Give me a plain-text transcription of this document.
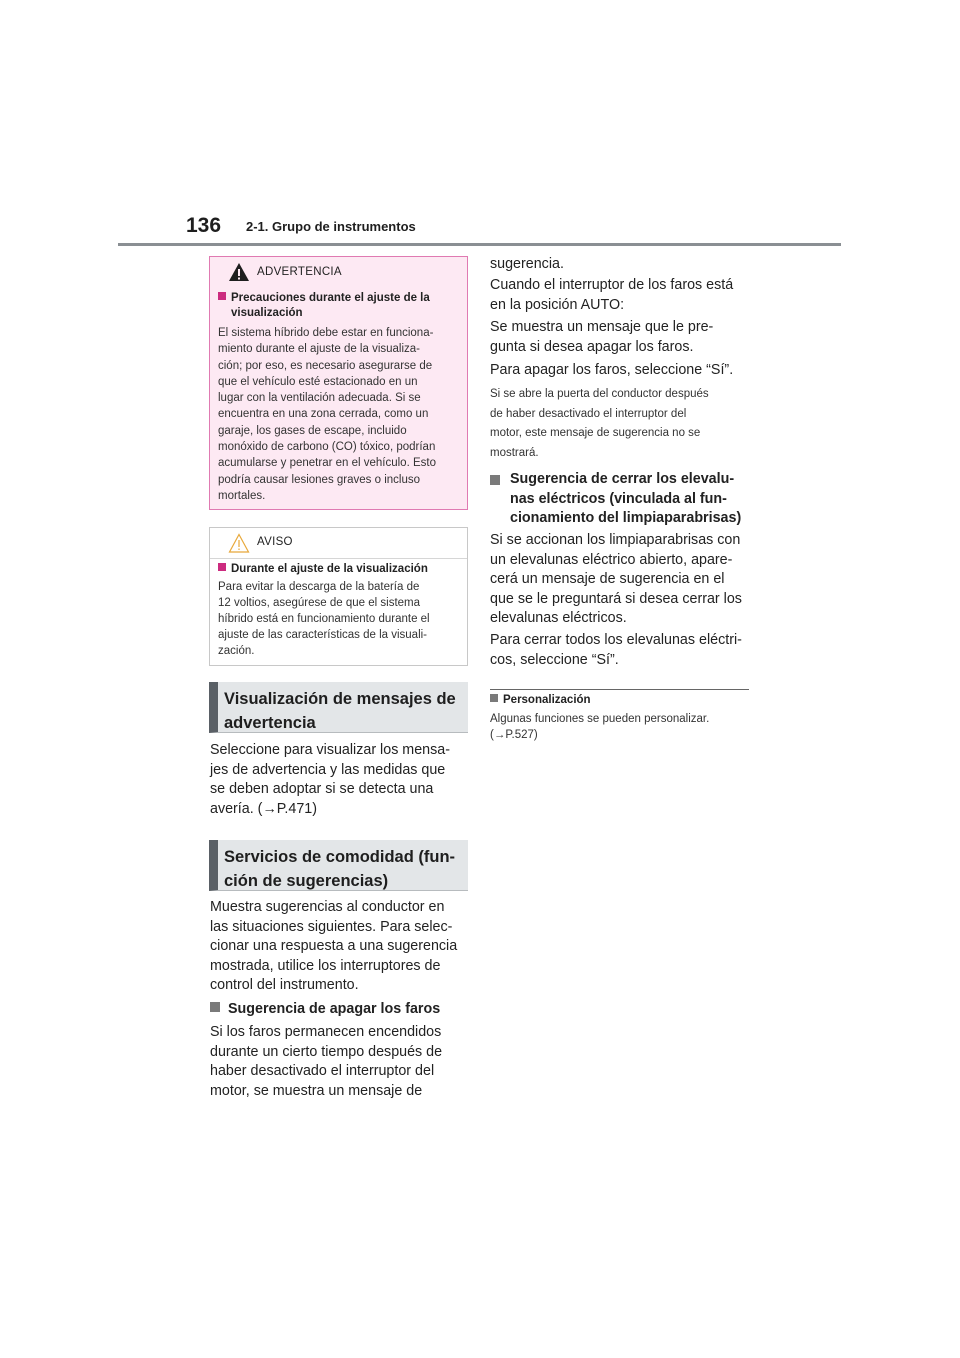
136 2-1. Grupo de instrumentos
ADVERTENCIA
Precauciones durante el ajuste de la visualización
El sistema híbrido debe estar en funciona-
miento durante el ajuste de la visualiza-
ción; por eso, es necesario asegurarse de
que el vehículo esté estacionado en un
lugar con la ventilación adecuada. Si se
encuentra en una zona cerrada, como un
garaje, los gases de escape, incluido
monóxido de carbono (CO) tóxico, podrían
acumularse y penetrar en el vehículo. Esto
podría causar lesiones graves o incluso
mortales.
AVISO
Durante el ajuste de la visualización
Para evitar la descarga de la batería de
12 voltios, asegúrese de que el sistema
híbrido está en funcionamiento durante el
ajuste de las características de la visuali-
zación.
Visualización de mensajes de
advertencia
Seleccione para visualizar los mensa-
jes de advertencia y las medidas que
se deben adoptar si se detecta una
avería. (→P.471)
Servicios de comodidad (fun-
ción de sugerencias)
Muestra sugerencias al conductor en
las situaciones siguientes. Para selec-
cionar una respuesta a una sugerencia
mostrada, utilice los interruptores de
control del instrumento.
Sugerencia de apagar los faros
Si los faros permanecen encendidos
durante un cierto tiempo después de
haber desactivado el interruptor del
motor, se muestra un mensaje de
sugerencia.
Cuando el interruptor de los faros está
en la posición AUTO:
Se muestra un mensaje que le pre-
gunta si desea apagar los faros.
Para apagar los faros, seleccione “Sí”.
Si se abre la puerta del conductor después
de haber desactivado el interruptor del
motor, este mensaje de sugerencia no se
mostrará.
Sugerencia de cerrar los elevalu-
nas eléctricos (vinculada al fun-
cionamiento del limpiaparabrisas)
Si se accionan los limpiaparabrisas con
un elevalunas eléctrico abierto, apare-
cerá un mensaje de sugerencia en el
que se le preguntará si desea cerrar los
elevalunas eléctricos.
Para cerrar todos los elevalunas eléctri-
cos, seleccione “Sí”.
Personalización
Algunas funciones se pueden personalizar.
(→P.527)
